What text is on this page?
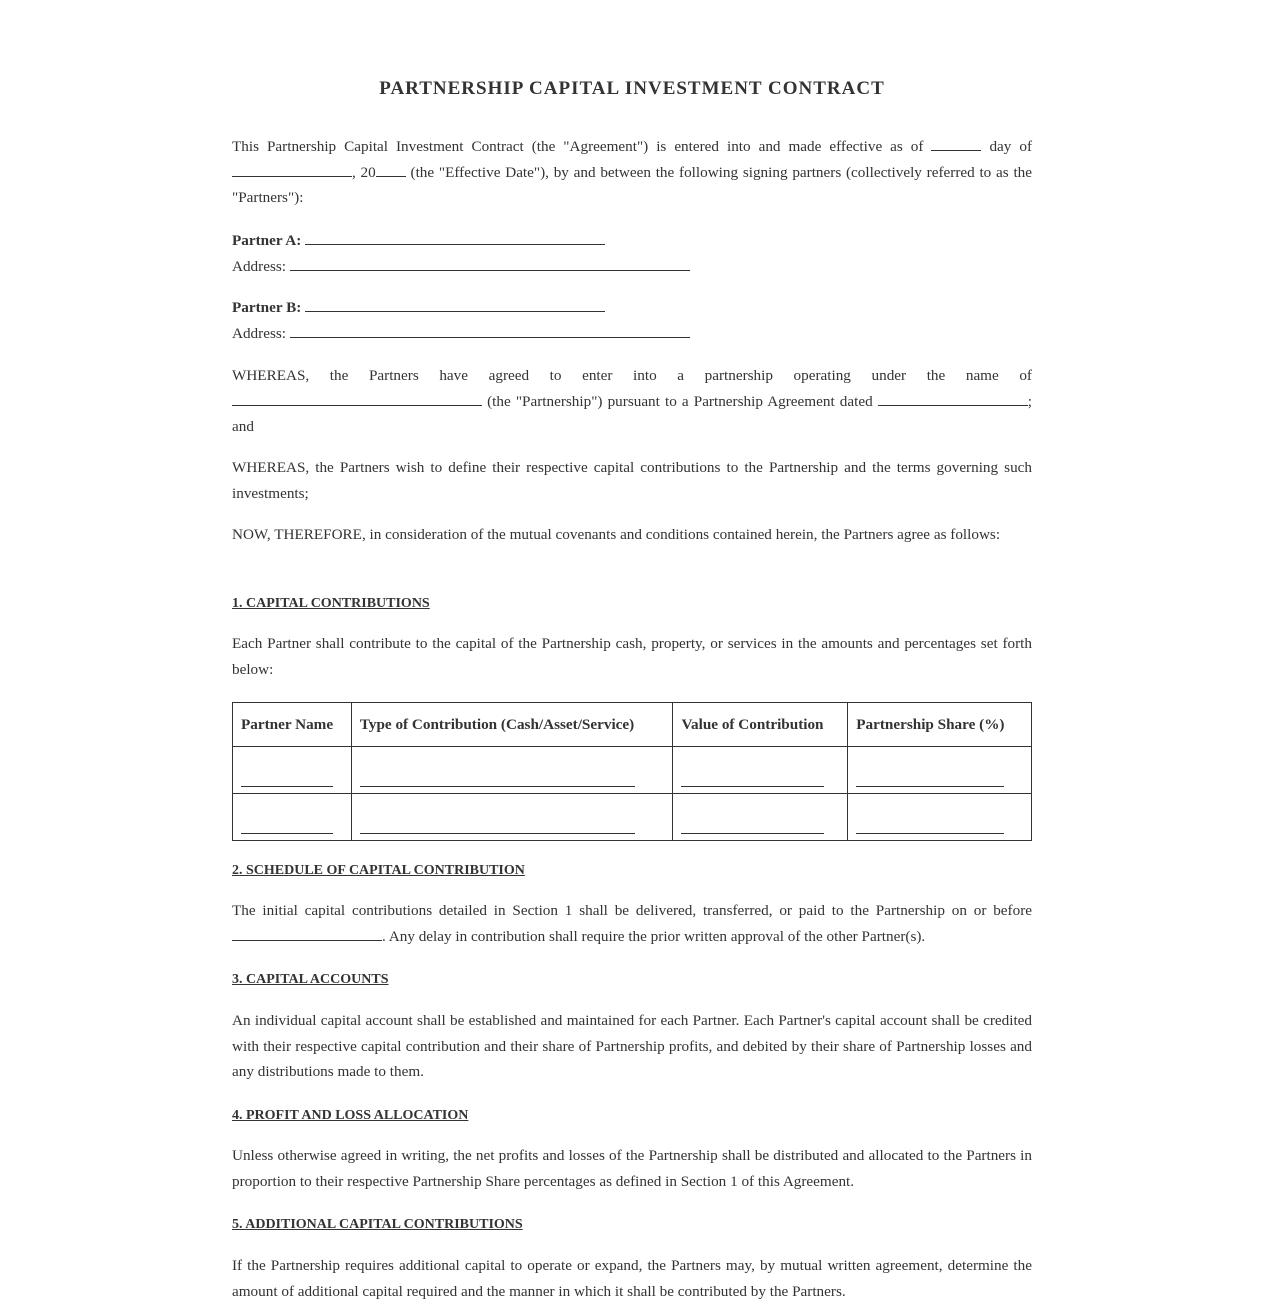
PARTNERSHIP CAPITAL INVESTMENT CONTRACT
This Partnership Capital Investment Contract (the "Agreement") is entered into and made effective as of	day of , 20 (the "Effective Date"), by and between the following signing partners (collectively referred to as the "Partners"):
Partner A:
Address:
Partner B:
Address:
WHEREAS, the Partners have agreed to enter into a partnership operating under the name of  (the "Partnership") pursuant to a Partnership Agreement dated	; and
WHEREAS, the Partners wish to define their respective capital contributions to the Partnership and the terms governing such investments;
NOW, THEREFORE, in consideration of the mutual covenants and conditions contained herein, the Partners agree as follows:
1. CAPITAL CONTRIBUTIONS
Each Partner shall contribute to the capital of the Partnership cash, property, or services in the amounts and percentages set forth below:
Partner Name	Type of Contribution (Cash/Asset/Service)	Value of Contribution	Partnership Share (%)

2. SCHEDULE OF CAPITAL CONTRIBUTION
The initial capital contributions detailed in Section 1 shall be delivered, transferred, or paid to the Partnership on or before . Any delay in contribution shall require the prior written approval of the other Partner(s).
3. CAPITAL ACCOUNTS
An individual capital account shall be established and maintained for each Partner. Each Partner's capital account shall be credited with their respective capital contribution and their share of Partnership profits, and debited by their share of Partnership losses and any distributions made to them.
4. PROFIT AND LOSS ALLOCATION
Unless otherwise agreed in writing, the net profits and losses of the Partnership shall be distributed and allocated to the Partners in proportion to their respective Partnership Share percentages as defined in Section 1 of this Agreement.
5. ADDITIONAL CAPITAL CONTRIBUTIONS
If the Partnership requires additional capital to operate or expand, the Partners may, by mutual written agreement, determine the amount of additional capital required and the manner in which it shall be contributed by the Partners.
